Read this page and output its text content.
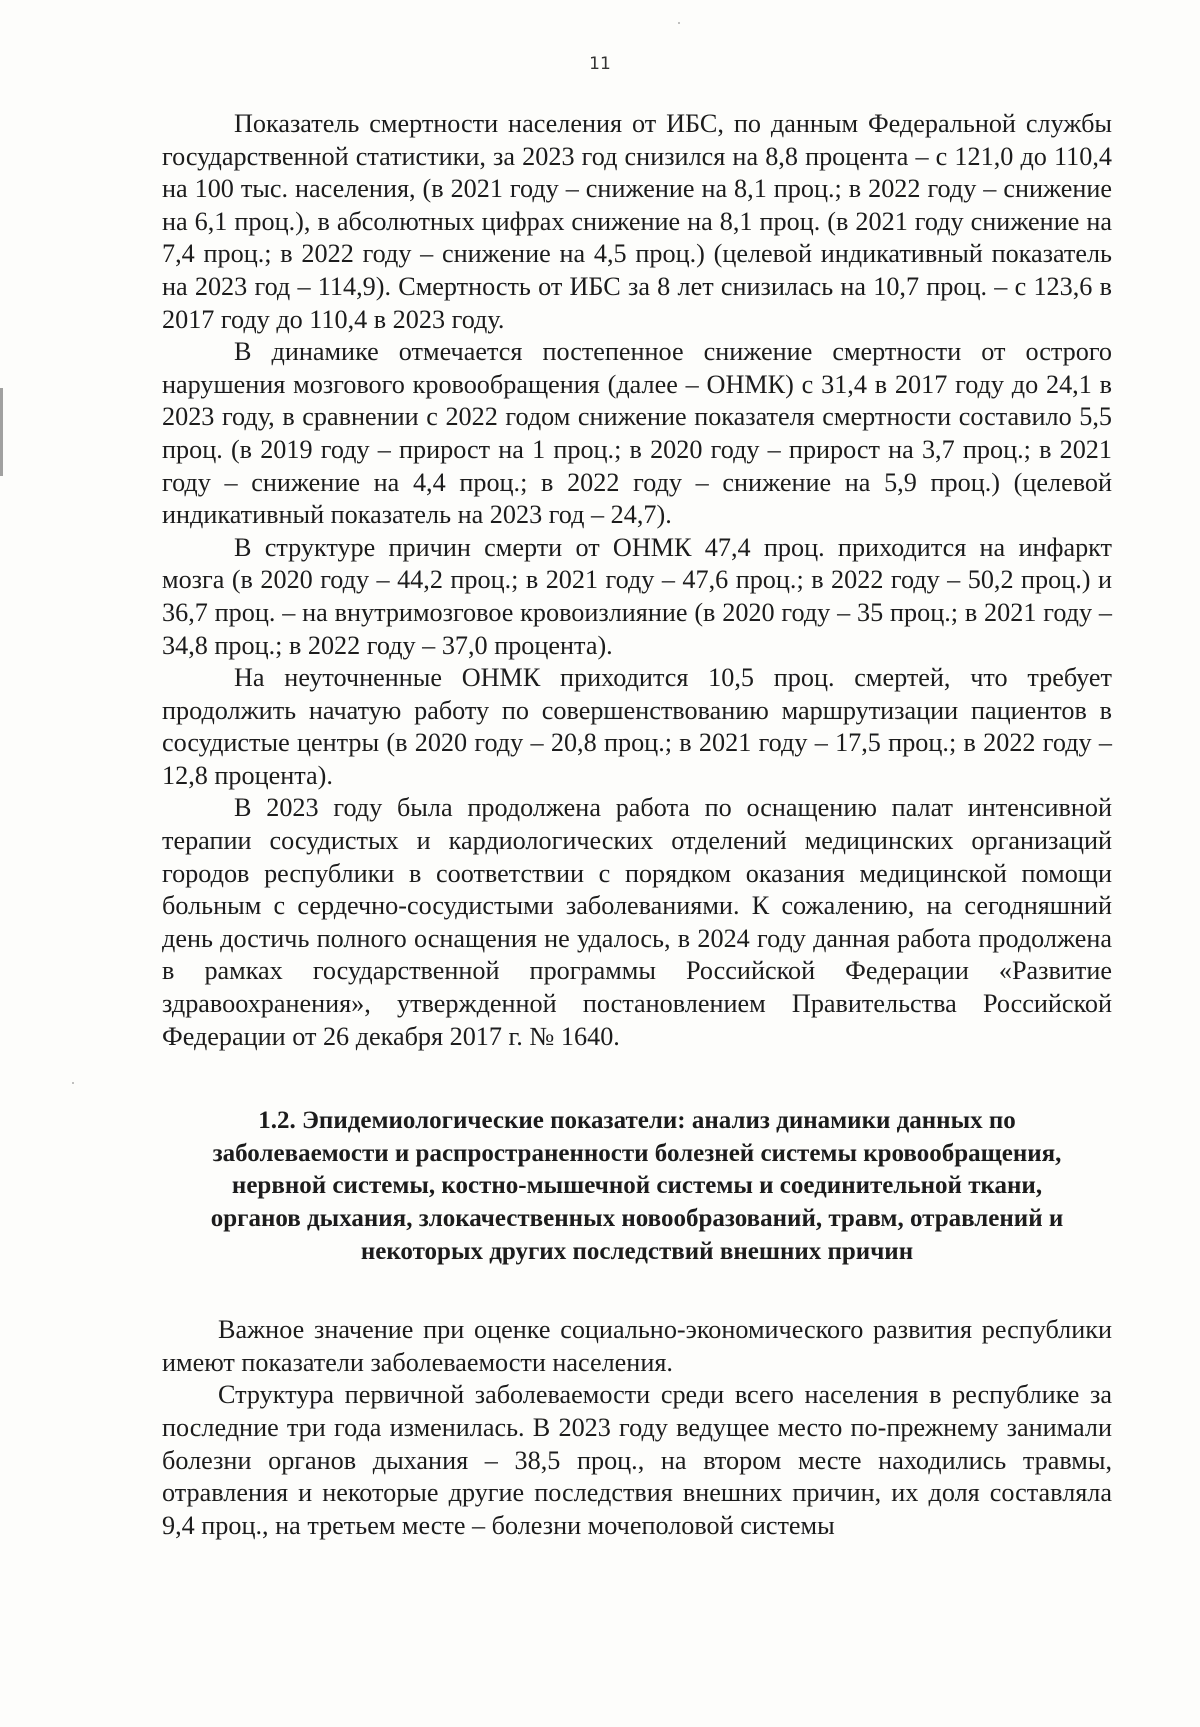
11

Показатель смертности населения от ИБС, по данным Федеральной службы государственной статистики, за 2023 год снизился на 8,8 процента – с 121,0 до 110,4 на 100 тыс. населения, (в 2021 году – снижение на 8,1 проц.; в 2022 году – снижение на 6,1 проц.), в абсолютных цифрах снижение на 8,1 проц. (в 2021 году снижение на 7,4 проц.; в 2022 году – снижение на 4,5 проц.) (целевой индикативный показатель на 2023 год – 114,9). Смертность от ИБС за 8 лет снизилась на 10,7 проц. – с 123,6 в 2017 году до 110,4 в 2023 году.

В динамике отмечается постепенное снижение смертности от острого нарушения мозгового кровообращения (далее – ОНМК) с 31,4 в 2017 году до 24,1 в 2023 году, в сравнении с 2022 годом снижение показателя смертности составило 5,5 проц. (в 2019 году – прирост на 1 проц.; в 2020 году – прирост на 3,7 проц.; в 2021 году – снижение на 4,4 проц.; в 2022 году – снижение на 5,9 проц.) (целевой индикативный показатель на 2023 год – 24,7).

В структуре причин смерти от ОНМК 47,4 проц. приходится на инфаркт мозга (в 2020 году – 44,2 проц.; в 2021 году – 47,6 проц.; в 2022 году – 50,2 проц.) и 36,7 проц. – на внутримозговое кровоизлияние (в 2020 году – 35 проц.; в 2021 году – 34,8 проц.; в 2022 году – 37,0 процента).

На неуточненные ОНМК приходится 10,5 проц. смертей, что требует продолжить начатую работу по совершенствованию маршрутизации пациентов в сосудистые центры (в 2020 году – 20,8 проц.; в 2021 году – 17,5 проц.; в 2022 году – 12,8 процента).

В 2023 году была продолжена работа по оснащению палат интенсивной терапии сосудистых и кардиологических отделений медицинских организаций городов республики в соответствии с порядком оказания медицинской помощи больным с сердечно-сосудистыми заболеваниями. К сожалению, на сегодняшний день достичь полного оснащения не удалось, в 2024 году данная работа продолжена в рамках государственной программы Российской Федерации «Развитие здравоохранения», утвержденной постановлением Правительства Российской Федерации от 26 декабря 2017 г. № 1640.

1.2. Эпидемиологические показатели: анализ динамики данных по заболеваемости и распространенности болезней системы кровообращения, нервной системы, костно-мышечной системы и соединительной ткани, органов дыхания, злокачественных новообразований, травм, отравлений и некоторых других последствий внешних причин

Важное значение при оценке социально-экономического развития республики имеют показатели заболеваемости населения.

Структура первичной заболеваемости среди всего населения в республике за последние три года изменилась. В 2023 году ведущее место по-прежнему занимали болезни органов дыхания – 38,5 проц., на втором месте находились травмы, отравления и некоторые другие последствия внешних причин, их доля составляла 9,4 проц., на третьем месте – болезни мочеполовой системы
